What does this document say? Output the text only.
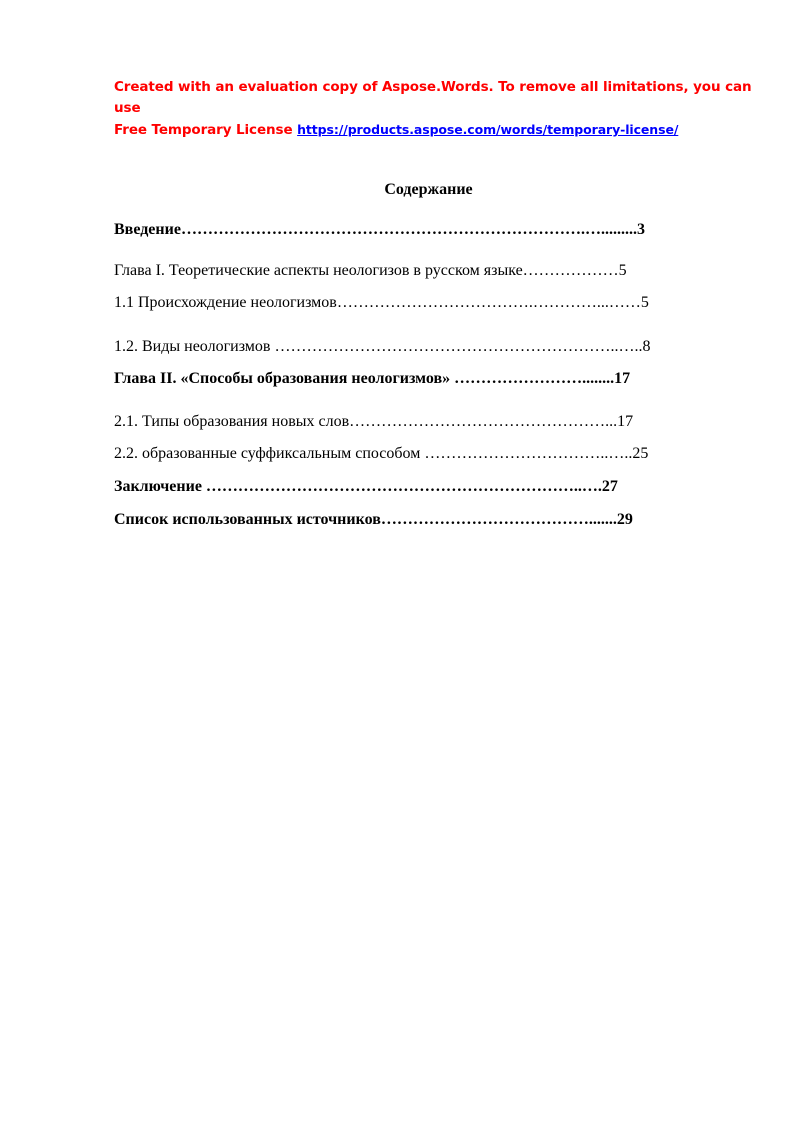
Created with an evaluation copy of Aspose.Words. To remove all limitations, you can use
Free Temporary License https://products.aspose.com/words/temporary-license/
Содержание
Введение………………………………………………………………….….........3
Глава I. Теоретические аспекты неологизов в русском языке………………5
1.1 Происхождение неологизмов……………………………….…………...……5
1.2. Виды неологизмов ………………………………………………………..…..8
Глава II. «Способы образования неологизмов» ……………………........17
2.1. Типы образования новых слов…………………………………………...17
2.2. образованные суффиксальным способом ……………………………..…..25
Заключение ……………………………………………………………..….27
Список использованных источников………………………………….......29
